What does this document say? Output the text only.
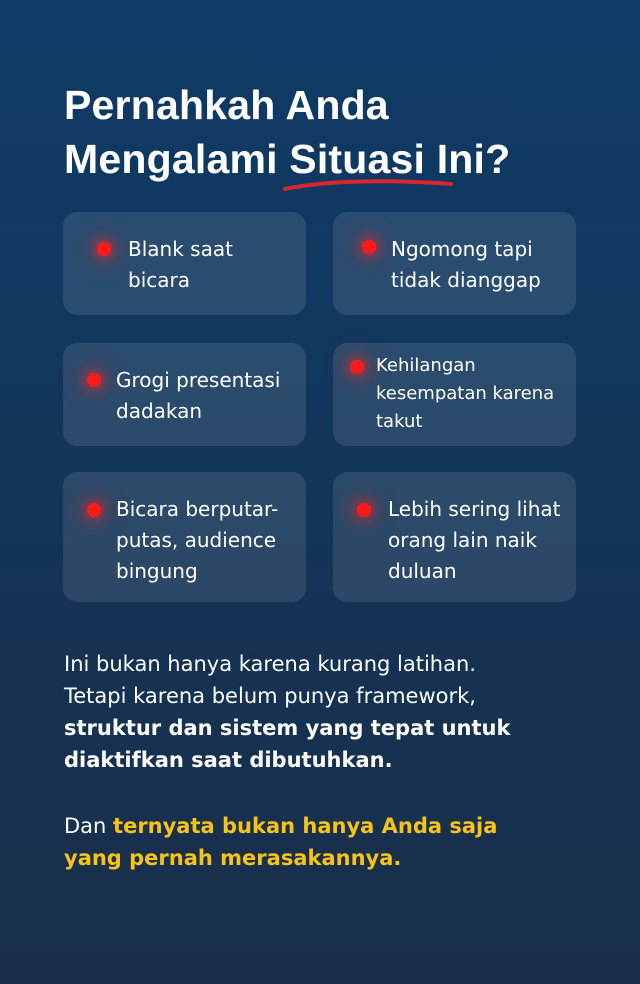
Pernahkah Anda
Mengalami Situasi
Ini?
Blank saat
bicara
Ngomong tapi
tidak dianggap
Grogi presentasi
dadakan
Kehilangan
kesempatan karena
takut
Bicara berputar-
putas, audience
bingung
Lebih sering lihat
orang lain naik
duluan

Ini bukan hanya karena kurang latihan.
Tetapi karena belum punya framework,
struktur dan sistem yang tepat untuk
diaktifkan saat dibutuhkan.

Dan ternyata bukan hanya Anda saja
yang pernah merasakannya.
